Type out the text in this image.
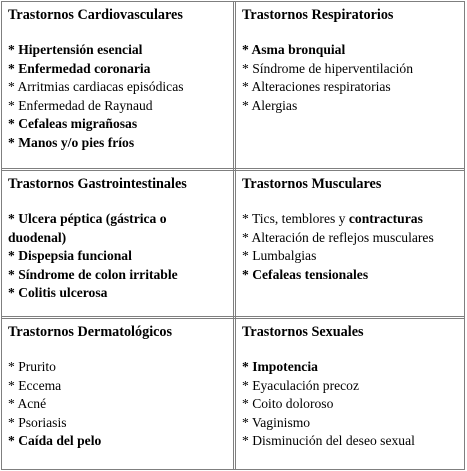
Trastornos Cardiovasculares
* Hipertensión esencial
* Enfermedad coronaria
* Arritmias cardiacas episódicas
* Enfermedad de Raynaud
* Cefaleas migrañosas
* Manos y/o pies fríos
Trastornos Respiratorios
* Asma bronquial
* Síndrome de hiperventilación
* Alteraciones respiratorias
* Alergias
Trastornos Gastrointestinales
* Ulcera péptica (gástrica o duodenal)
* Dispepsia funcional
* Síndrome de colon irritable
* Colitis ulcerosa
Trastornos Musculares
* Tics, temblores y contracturas
* Alteración de reflejos musculares
* Lumbalgias
* Cefaleas tensionales
Trastornos Dermatológicos
* Prurito
* Eccema
* Acné
* Psoriasis
* Caída del pelo
Trastornos Sexuales
* Impotencia
* Eyaculación precoz
* Coito doloroso
* Vaginismo
* Disminución del deseo sexual
